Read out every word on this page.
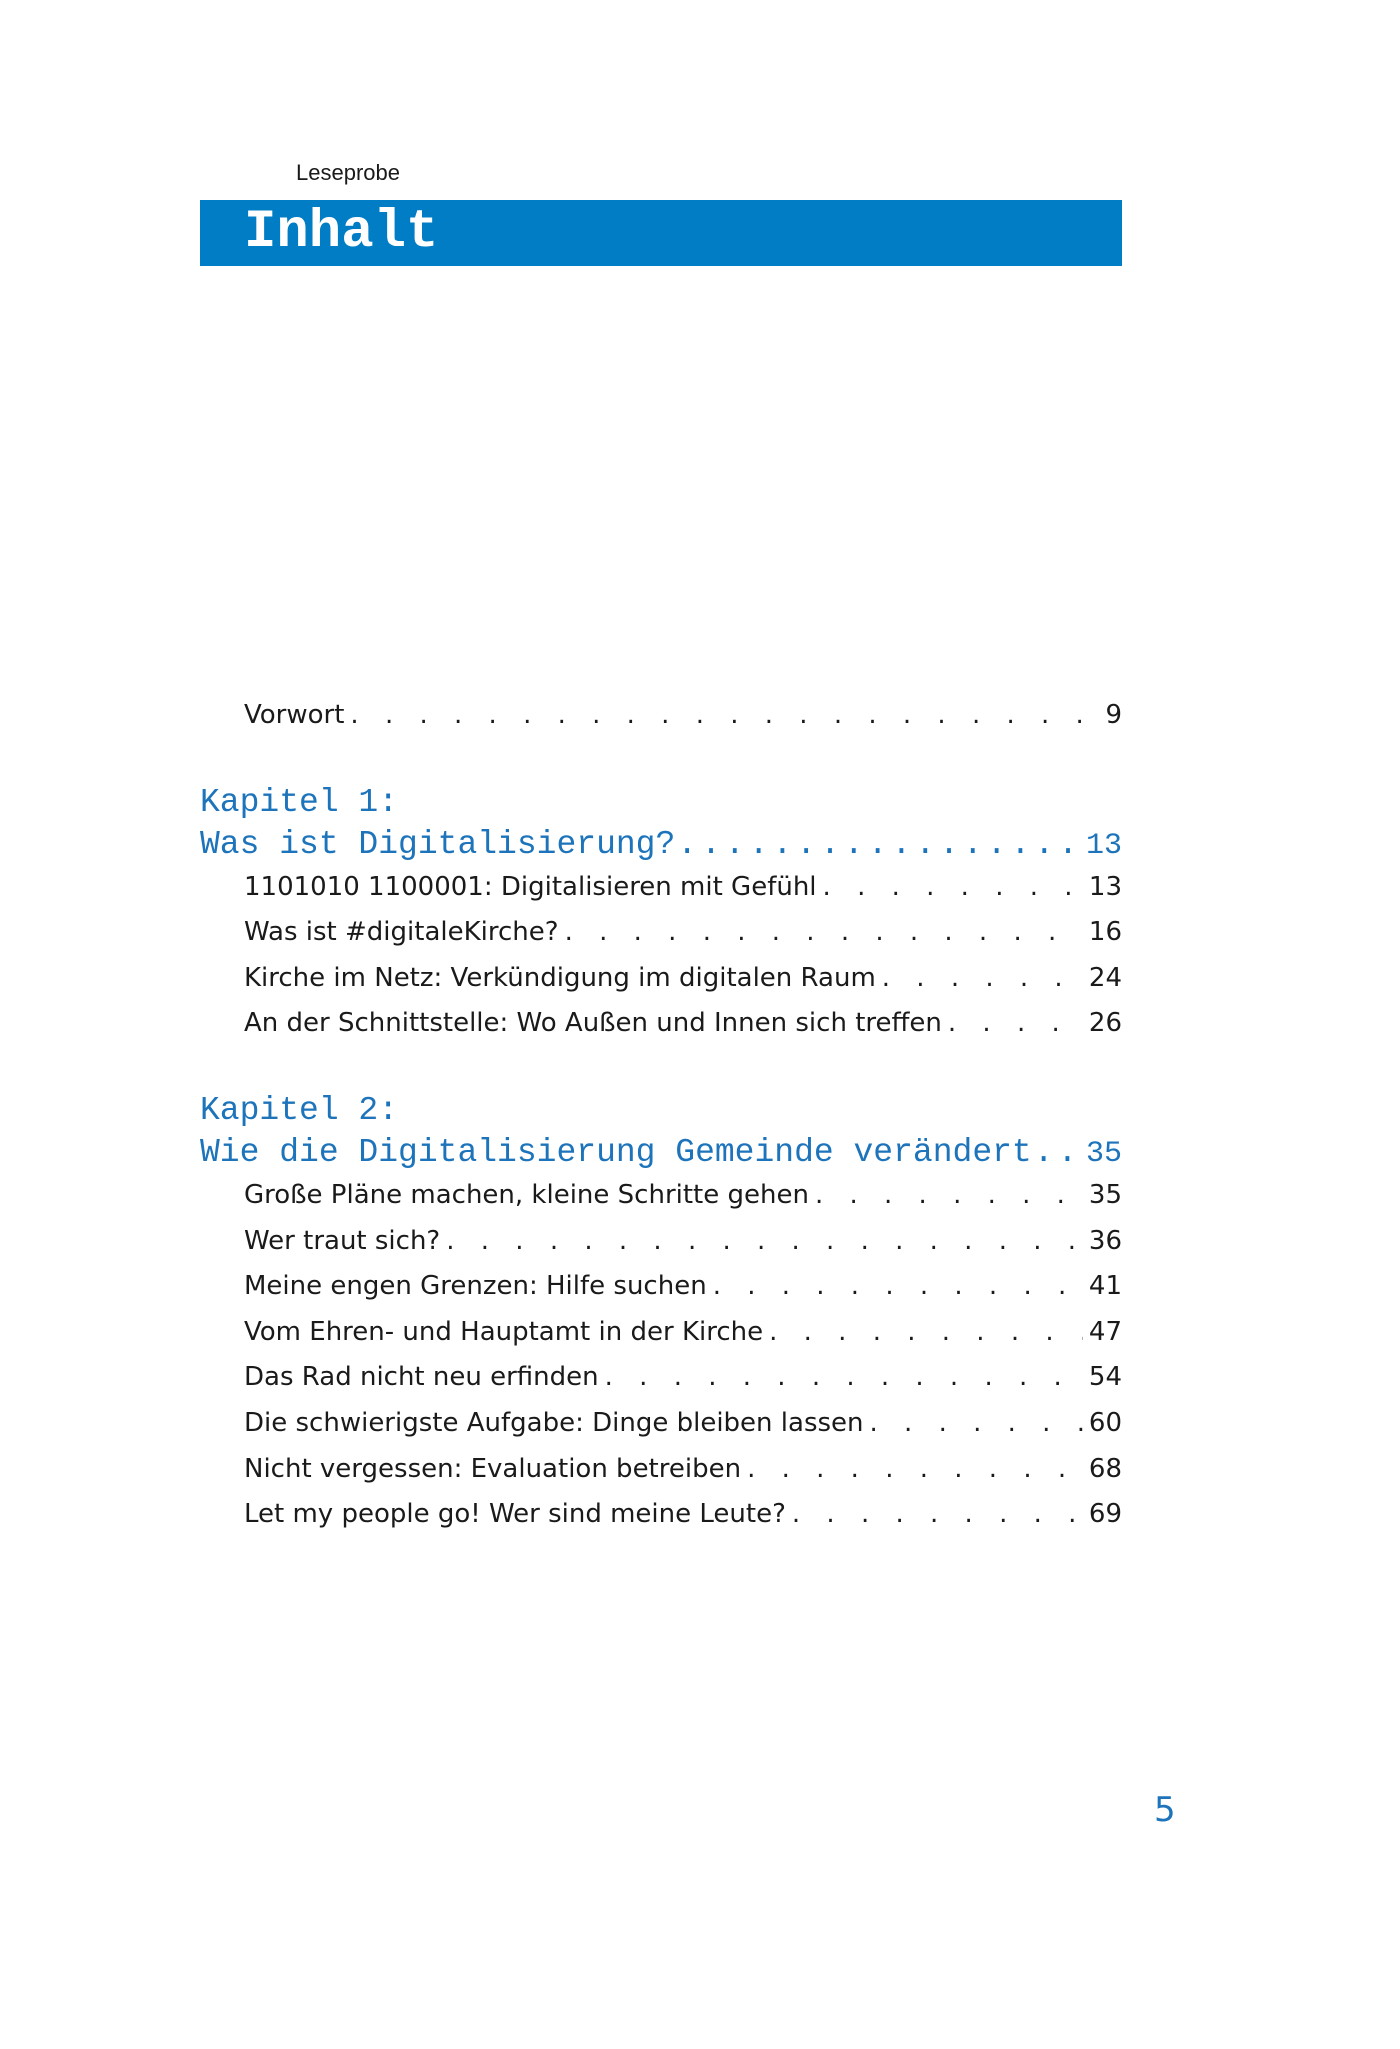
Leseprobe
Inhalt
Vorwort . . .	9
Kapitel 1:
Was ist Digitalisierung? .....	13
1101010 1100001: Digitalisieren mit Gefühl . . .	13
Was ist #digitaleKirche? . . .	16
Kirche im Netz: Verkündigung im digitalen Raum . . .	24
An der Schnittstelle: Wo Außen und Innen sich treffen . . .	26
Kapitel 2:
Wie die Digitalisierung Gemeinde verändert ..... 35
Große Pläne machen, kleine Schritte gehen . . .	35
Wer traut sich? . . .	36
Meine engen Grenzen: Hilfe suchen . . .	41
Vom Ehren- und Hauptamt in der Kirche . . .	47
Das Rad nicht neu erfinden . . .	54
Die schwierigste Aufgabe: Dinge bleiben lassen . . .	60
Nicht vergessen: Evaluation betreiben . . .	68
Let my people go! Wer sind meine Leute? . . .	69
5
